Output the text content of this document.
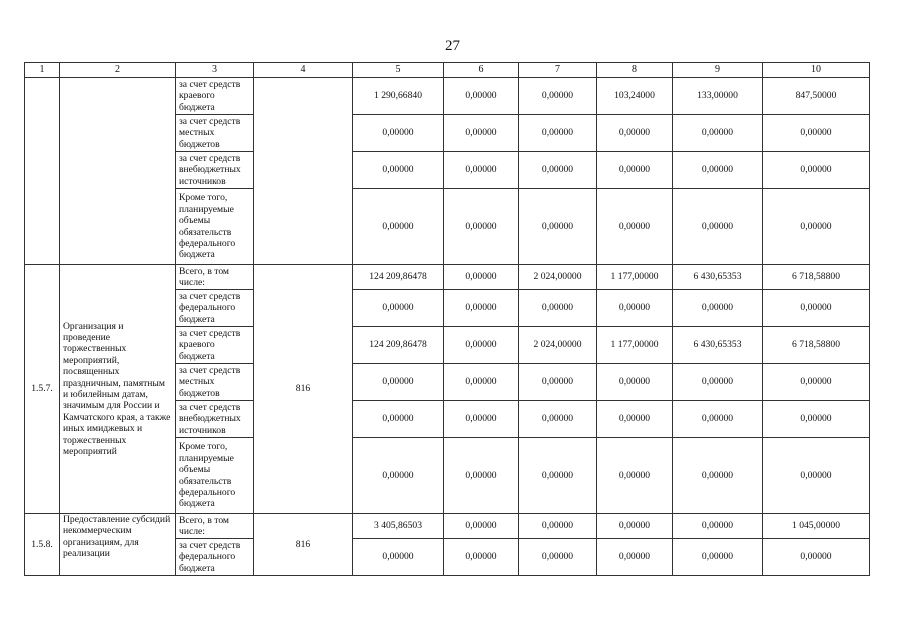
27
1	2	3	4	5	6	7	8	9	10
		за счет средств краевого бюджета		1 290,66840	0,00000	0,00000	103,24000	133,00000	847,50000
		за счет средств местных бюджетов		0,00000	0,00000	0,00000	0,00000	0,00000	0,00000
		за счет средств внебюджетных источников		0,00000	0,00000	0,00000	0,00000	0,00000	0,00000
		Кроме того, планируемые объемы обязательств федерального бюджета		0,00000	0,00000	0,00000	0,00000	0,00000	0,00000
1.5.7.	Организация и проведение торжественных мероприятий, посвященных праздничным, памятным и юбилейным датам, значимым для России и Камчатского края, а также иных имиджевых и торжественных мероприятий	Всего, в том числе:	816	124 209,86478	0,00000	2 024,00000	1 177,00000	6 430,65353	6 718,58800
		за счет средств федерального бюджета		0,00000	0,00000	0,00000	0,00000	0,00000	0,00000
		за счет средств краевого бюджета		124 209,86478	0,00000	2 024,00000	1 177,00000	6 430,65353	6 718,58800
		за счет средств местных бюджетов		0,00000	0,00000	0,00000	0,00000	0,00000	0,00000
		за счет средств внебюджетных источников		0,00000	0,00000	0,00000	0,00000	0,00000	0,00000
		Кроме того, планируемые объемы обязательств федерального бюджета		0,00000	0,00000	0,00000	0,00000	0,00000	0,00000
1.5.8.	Предоставление субсидий некоммерческим организациям, для реализации	Всего, в том числе:	816	3 405,86503	0,00000	0,00000	0,00000	0,00000	1 045,00000
		за счет средств федерального бюджета		0,00000	0,00000	0,00000	0,00000	0,00000	0,00000
